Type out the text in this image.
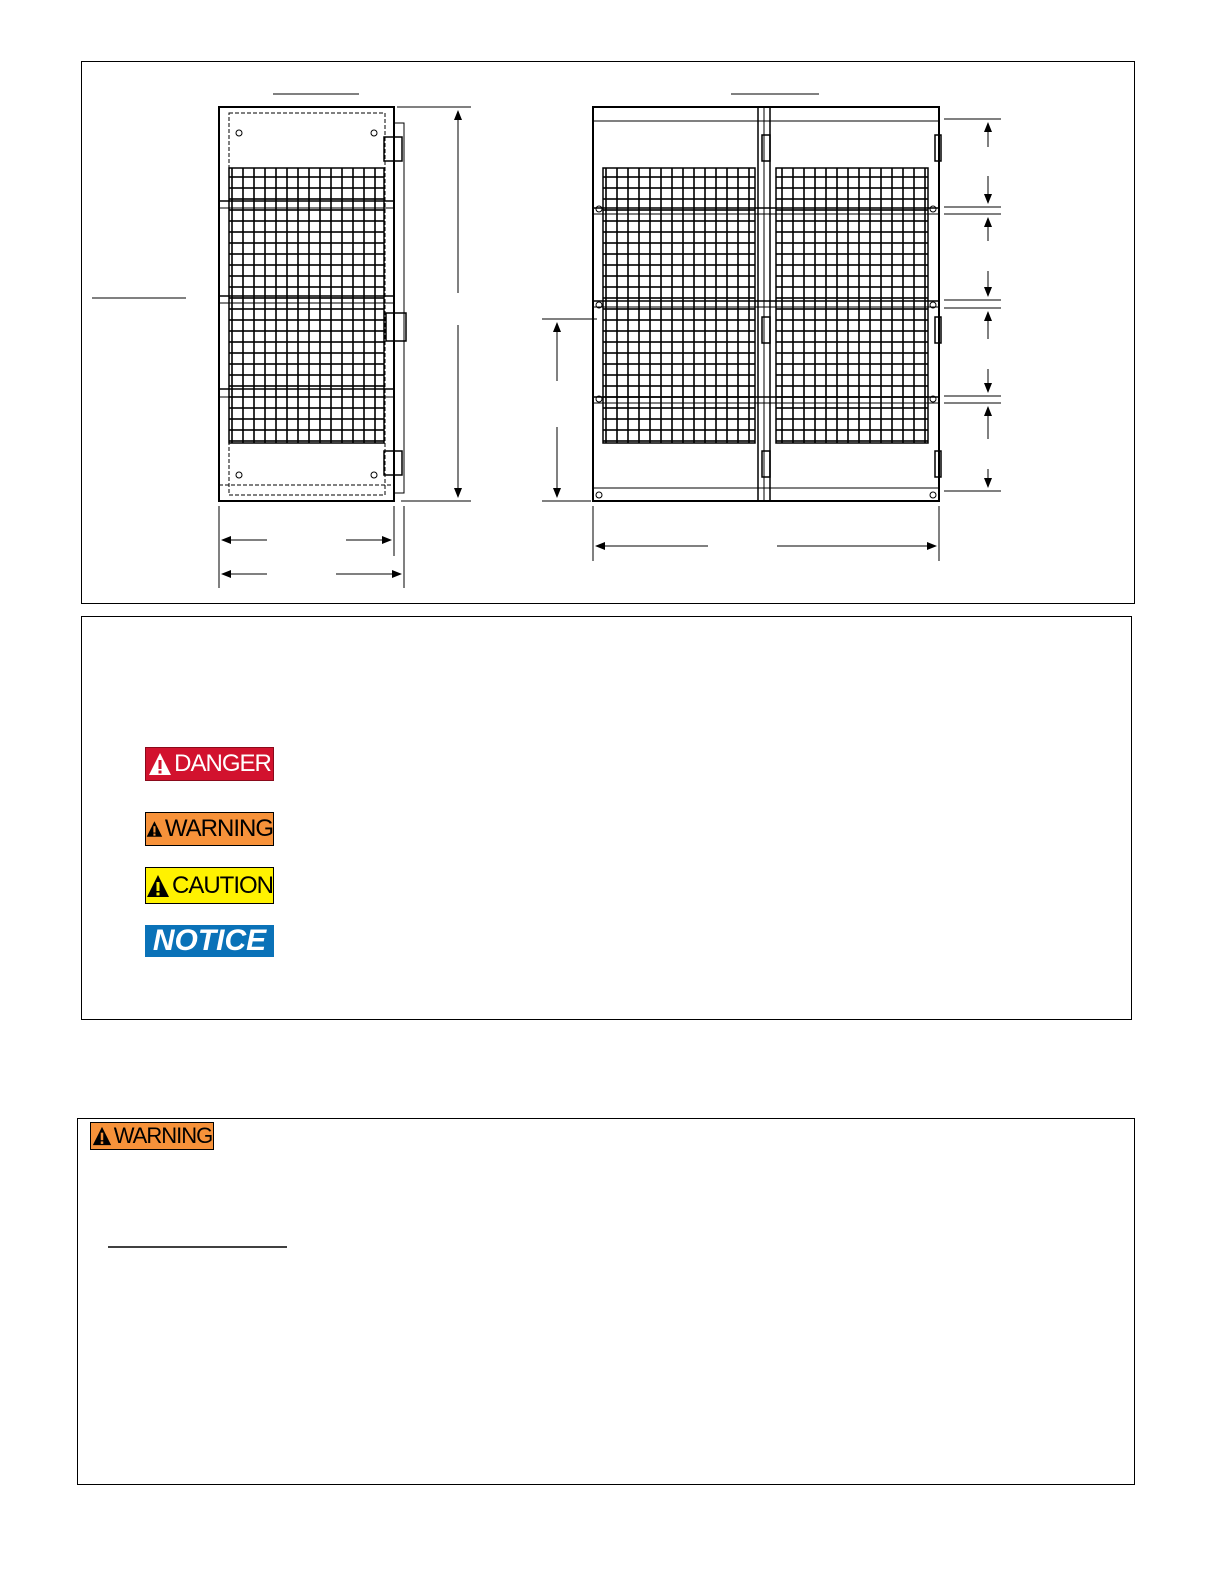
DANGER
WARNING
CAUTION
NOTICE
WARNING
